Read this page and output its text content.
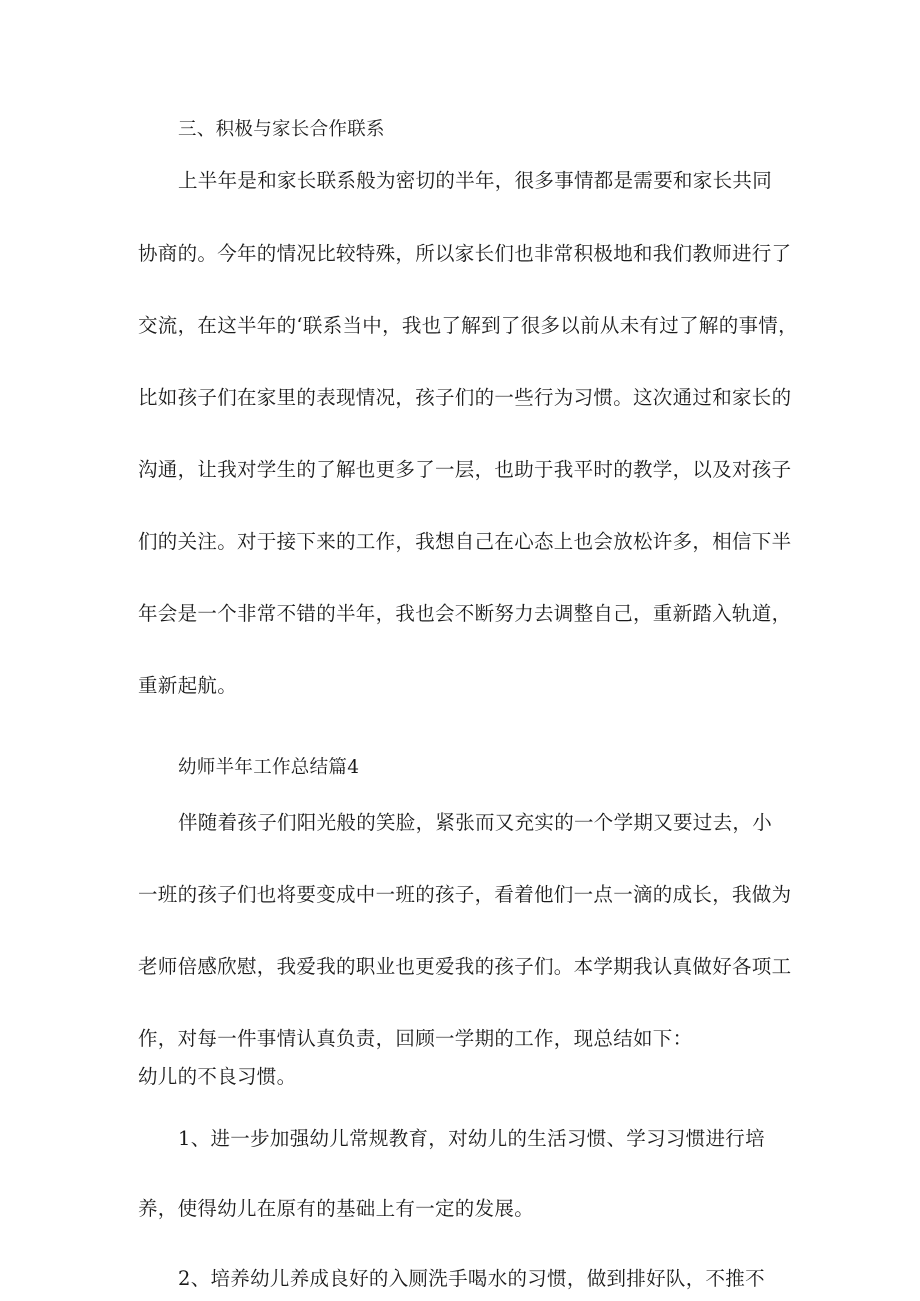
三、积极与家长合作联系
上半年是和家长联系般为密切的半年，很多事情都是需要和家长共同
协商的。今年的情况比较特殊，所以家长们也非常积极地和我们教师进行了
交流，在这半年的‘联系当中，我也了解到了很多以前从未有过了解的事情，
比如孩子们在家里的表现情况，孩子们的一些行为习惯。这次通过和家长的
沟通，让我对学生的了解也更多了一层，也助于我平时的教学，以及对孩子
们的关注。对于接下来的工作，我想自己在心态上也会放松许多，相信下半
年会是一个非常不错的半年，我也会不断努力去调整自己，重新踏入轨道，
重新起航。
幼师半年工作总结篇4
伴随着孩子们阳光般的笑脸，紧张而又充实的一个学期又要过去，小
一班的孩子们也将要变成中一班的孩子，看着他们一点一滴的成长，我做为
老师倍感欣慰，我爱我的职业也更爱我的孩子们。本学期我认真做好各项工
作，对每一件事情认真负责，回顾一学期的工作，现总结如下：
幼儿的不良习惯。
1、进一步加强幼儿常规教育，对幼儿的生活习惯、学习习惯进行培
养，使得幼儿在原有的基础上有一定的发展。
2、培养幼儿养成良好的入厕洗手喝水的习惯，做到排好队，不推不
